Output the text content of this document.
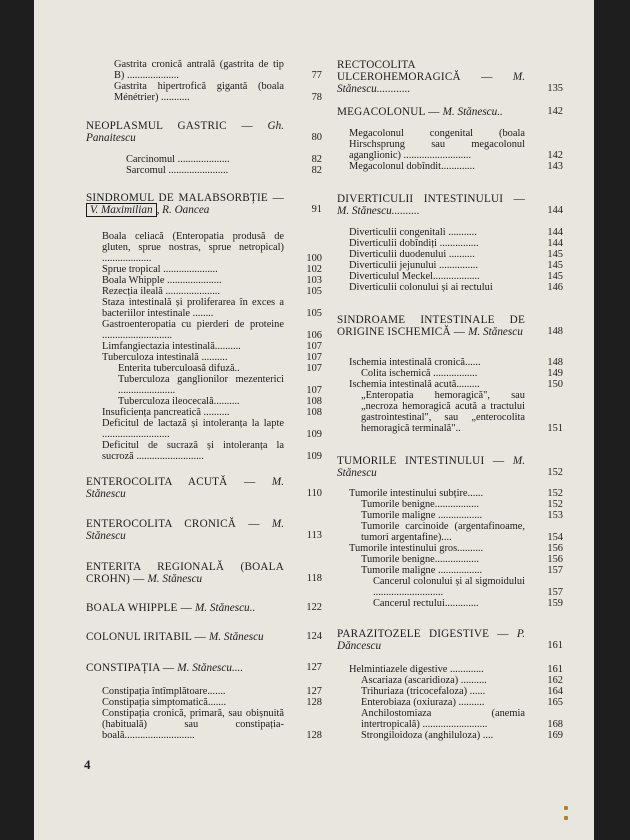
Gastrita cronică antrală (gastrita de tip B) ....................	77
Gastrita hipertrofică gigantă (boala Ménétrier) ...........	78
NEOPLASMUL GASTRIC — Gh. Panaitescu	80
Carcinomul ....................	82
Sarcomul .......................	82
SINDROMUL DE MALABSORBȚIE — V. Maximilian , R. Oancea	91
Boala celiacă (Enteropatia produsă de gluten, sprue nostras, sprue netropical) ...................	100
Sprue tropical .....................	102
Boala Whipple .....................	103
Rezecția ileală .....................	105
Staza intestinală și proliferarea în exces a bacteriilor intestinale ........	105
Gastroenteropatia cu pierderi de proteine ...........................	106
Limfangiectazia intestinală..........	107
Tuberculoza intestinală ..........	107
Enterita tuberculoasă difuză..	107
Tuberculoza ganglionilor mezenterici ......................	107
Tuberculoza ileocecală..........	108
Insuficiența pancreatică ..........	108
Deficitul de lactază și intoleranța la lapte ..........................	109
Deficitul de sucrază și intoleranța la sucroză ..........................	109
ENTEROCOLITA ACUTĂ — M. Stănescu	110
ENTEROCOLITA CRONICĂ — M. Stănescu	113
ENTERITA REGIONALĂ (BOALA CROHN) — M. Stănescu	118
BOALA WHIPPLE — M. Stănescu..	122
COLONUL IRITABIL — M. Stănescu	124
CONSTIPAȚIA — M. Stănescu....	127
Constipația întîmplătoare.......	127
Constipația simptomatică.......	128
Constipația cronică, primară, sau obișnuită (habituală) sau constipația-boală...........................	128
RECTOCOLITA ULCEROHEMORAGICĂ — M. Stănescu............	135
MEGACOLONUL — M. Stănescu..	142
Megacolonul congenital (boala Hirschsprung sau megacolonul aganglionic) ..........................	142
Megacolonul dobîndit.............	143
DIVERTICULII INTESTINULUI — M. Stănescu..........	144
Diverticulii congenitali ...........	144
Diverticulii dobîndiți ...............	144
Diverticulii duodenului ..........	145
Diverticulii jejunului ...............	145
Diverticulul Meckel..................	145
Diverticulii colonului și ai rectului	146
SINDROAME INTESTINALE DE ORIGINE ISCHEMICĂ — M. Stănescu	148
Ischemia intestinală cronică......	148
Colita ischemică .................	149
Ischemia intestinală acută.........	150
„Enteropatia hemoragică", sau „necroza hemoragică acută a tractului gastrointestinal", sau „enterocolita hemoragică terminală"..	151
TUMORILE INTESTINULUI — M. Stănescu	152
Tumorile intestinului subțire......	152
Tumorile benigne.................	152
Tumorile maligne .................	153
Tumorile carcinoide (argentafinoame, tumori argentafine)....	154
Tumorile intestinului gros..........	156
Tumorile benigne.................	156
Tumorile maligne .................	157
Cancerul colonului și al sigmoidului ...........................	157
Cancerul rectului.............	159
PARAZITOZELE DIGESTIVE — P. Dăncescu	161
Helmintiazele digestive .............	161
Ascariaza (ascaridioza) ..........	162
Trihuriaza (tricocefaloza) ......	164
Enterobiaza (oxiuraza) ..........	165
Anchilostomiaza (anemia intertropicală) .........................	168
Strongiloidoza (anghiluloza) ....	169
4
